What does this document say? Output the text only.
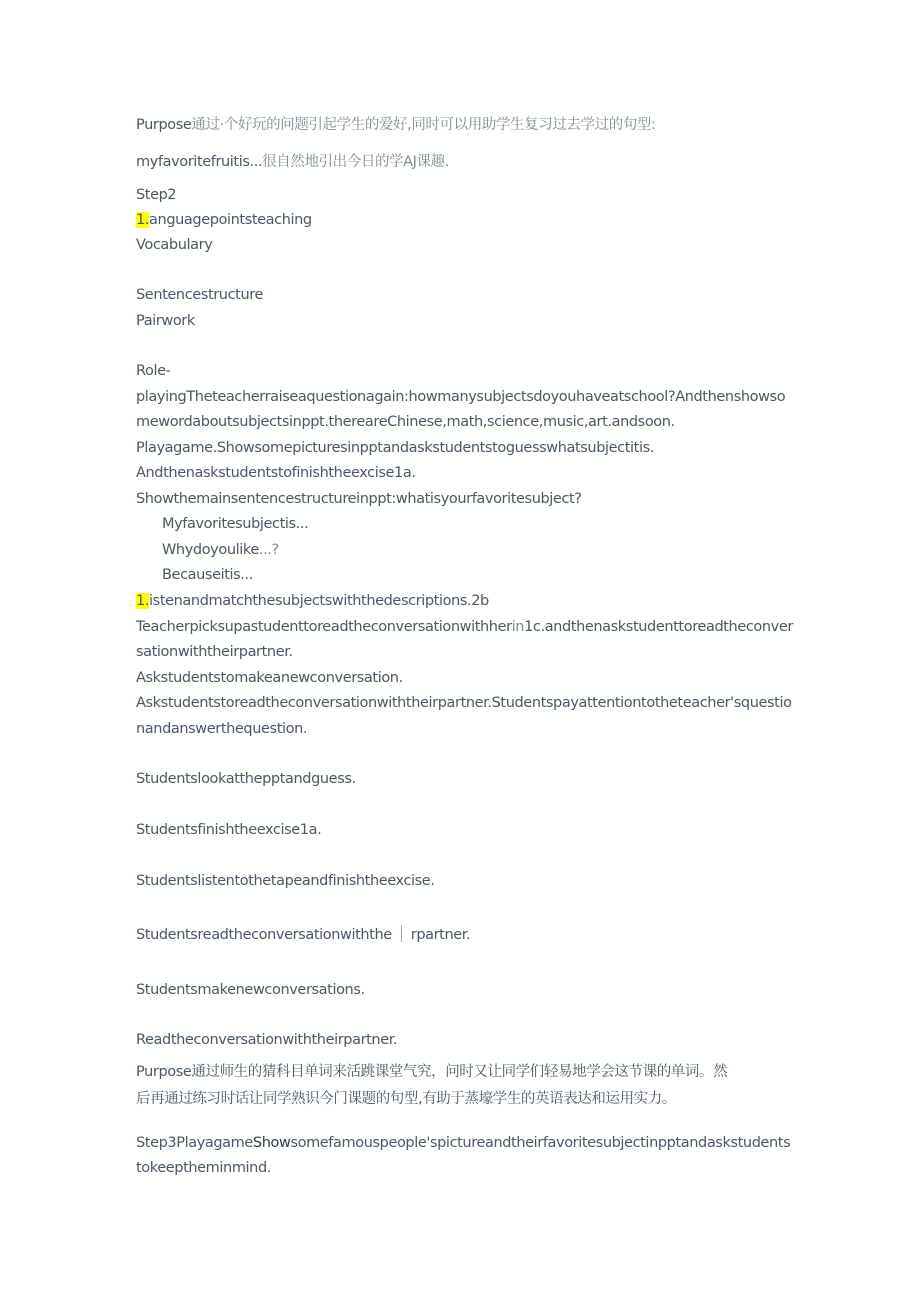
Purpose通过·个好玩的问题引起学生的爱好,同时可以用助学生复习过去学过的句型:
myfavoritefruitis...很自然地引出今日的学AJ课趣.
Step2
1.anguagepointsteaching
Vocabulary
Sentencestructure
Pairwork
Role-
playingTheteacherraiseaquestionagain:howmanysubjectsdoyouhaveatschool?Andthenshowso
mewordaboutsubjectsinppt.thereareChinese,math,science,music,art.andsoon.
Playagame.Showsomepicturesinpptandaskstudentstoguesswhatsubjectitis.
Andthenaskstudentstofinishtheexcise1a.
Showthemainsentencestructureinppt:whatisyourfavoritesubject?
Myfavoritesubjectis...
Whydoyoulike...?
Becauseitis...
1.istenandmatchthesubjectswiththedescriptions.2b
Teacherpicksupastudenttoreadtheconversationwithherin1c.andthenaskstudenttoreadtheconver
sationwiththeirpartner.
Askstudentstomakeanewconversation.
Askstudentstoreadtheconversationwiththeirpartner.Studentspayattentiontotheteacher'squestio
nandanswerthequestion.
Studentslookatthepptandguess.
Studentsfinishtheexcise1a.
Studentslistentothetapeandfinishtheexcise.
Studentsreadtheconversationwiththe rpartner.
Studentsmakenewconversations.
Readtheconversationwiththeirpartner.
Purpose通过师生的猜科目单词来活跳课堂气究，问时又让同学们轻易地学会这节课的单词。然
后再通过练习时话让同学熟识今门课题的句型,有助于蒸壕学生的英语表达和运用实力。
Step3PlayagameShowsomefamouspeople'spictureandtheirfavoritesubjectinpptandaskstudents
tokeeptheminmind.
